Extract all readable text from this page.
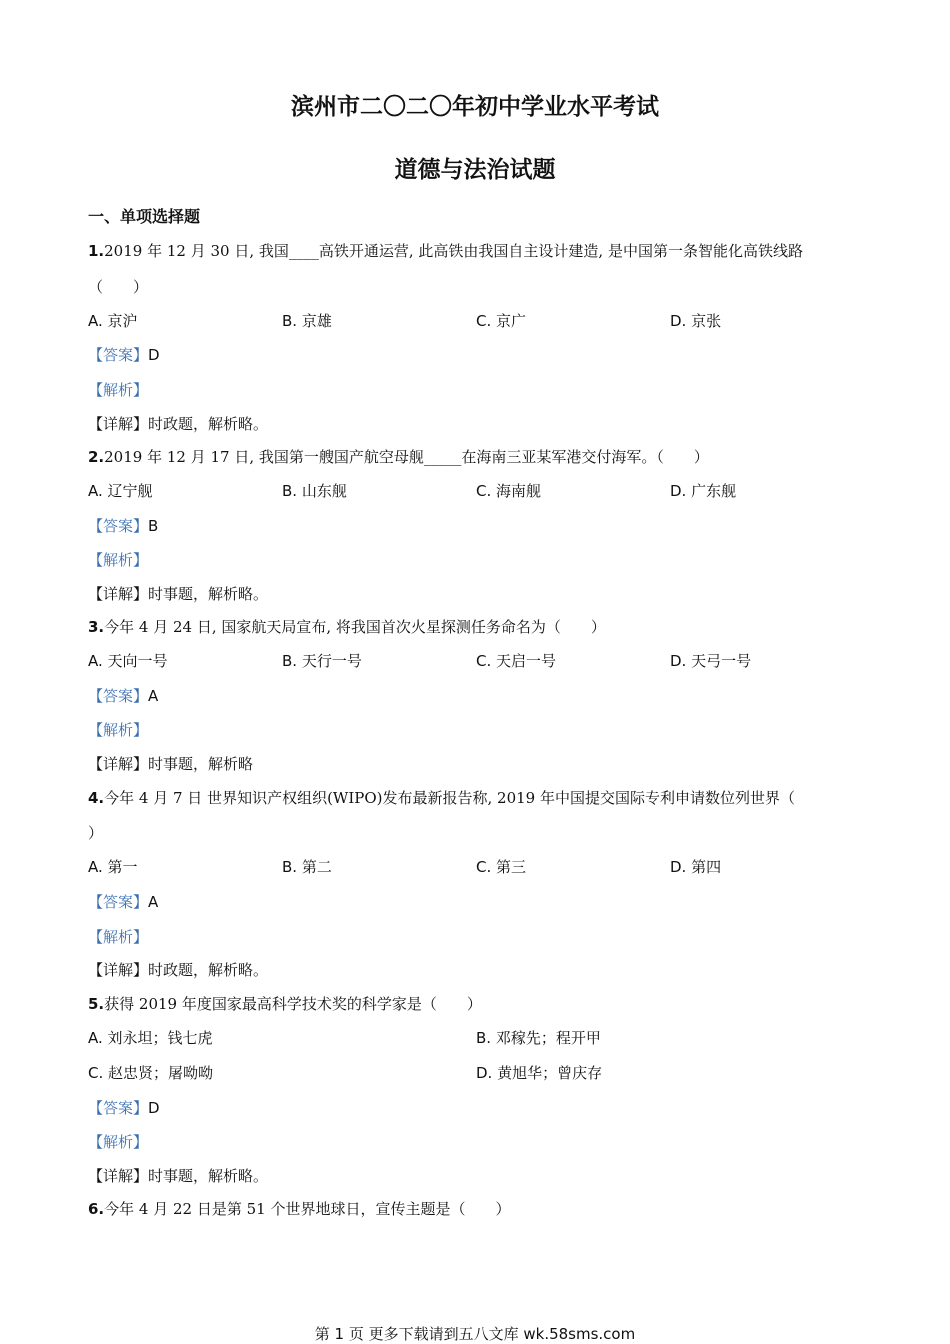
滨州市二〇二〇年初中学业水平考试
道德与法治试题
一、单项选择题
1.2019 年 12 月 30 日, 我国____高铁开通运营, 此高铁由我国自主设计建造, 是中国第一条智能化高铁线路
（　　）
A. 京沪	B. 京雄	C. 京广	D. 京张
【答案】D
【解析】
【详解】时政题，解析略。
2.2019 年 12 月 17 日, 我国第一艘国产航空母舰_____在海南三亚某军港交付海军。（　　）
A. 辽宁舰	B. 山东舰	C. 海南舰	D. 广东舰
【答案】B
【解析】
【详解】时事题，解析略。
3.今年 4 月 24 日, 国家航天局宣布, 将我国首次火星探测任务命名为（　　）
A. 天向一号	B. 天行一号	C. 天启一号	D. 天弓一号
【答案】A
【解析】
【详解】时事题，解析略
4.今年 4 月 7 日 世界知识产权组织(WIPO)发布最新报告称, 2019 年中国提交国际专利申请数位列世界（
）
A. 第一	B. 第二	C. 第三	D. 第四
【答案】A
【解析】
【详解】时政题，解析略。
5.获得 2019 年度国家最高科学技术奖的科学家是（　　）
A. 刘永坦；钱七虎	B. 邓稼先；程开甲
C. 赵忠贤；屠呦呦	D. 黄旭华；曾庆存
【答案】D
【解析】
【详解】时事题，解析略。
6.今年 4 月 22 日是第 51 个世界地球日，宣传主题是（　　）
第 1 页 更多下载请到五八文库 wk.58sms.com
